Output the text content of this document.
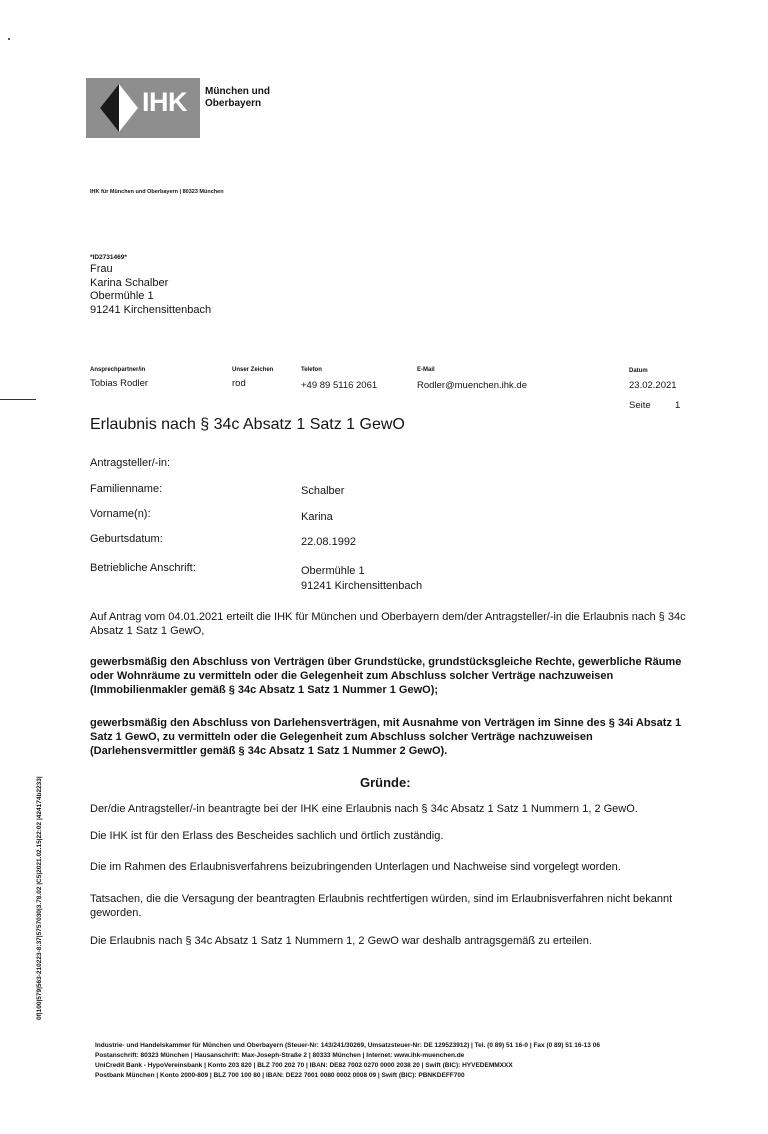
IHK München und
Oberbayern
IHK für München und Oberbayern | 80323 München
*ID2731469*
Frau
Karina Schalber
Obermühle 1
91241 Kirchensittenbach
Ansprechpartner/in
Tobias Rodler
Unser Zeichen
rod
Telefon
+49 89 5116 2061
E-Mail
Rodler@muenchen.ihk.de
Datum
23.02.2021
Seite	1
Erlaubnis nach § 34c Absatz 1 Satz 1 GewO
Antragsteller/-in:
Familienname:	Schalber
Vorname(n):	Karina
Geburtsdatum:	22.08.1992
Betriebliche Anschrift:	Obermühle 1
91241 Kirchensittenbach
Auf Antrag vom 04.01.2021 erteilt die IHK für München und Oberbayern dem/der Antragsteller/-in die Erlaubnis nach § 34c Absatz 1 Satz 1 GewO,
gewerbsmäßig den Abschluss von Verträgen über Grundstücke, grundstücksgleiche Rechte, gewerbliche Räume oder Wohnräume zu vermitteln oder die Gelegenheit zum Abschluss solcher Verträge nachzuweisen (Immobilienmakler gemäß § 34c Absatz 1 Satz 1 Nummer 1 GewO);
gewerbsmäßig den Abschluss von Darlehensverträgen, mit Ausnahme von Verträgen im Sinne des § 34i Absatz 1 Satz 1 GewO, zu vermitteln oder die Gelegenheit zum Abschluss solcher Verträge nachzuweisen (Darlehensvermittler gemäß § 34c Absatz 1 Satz 1 Nummer 2 GewO).
Gründe:
Der/die Antragsteller/-in beantragte bei der IHK eine Erlaubnis nach § 34c Absatz 1 Satz 1 Nummern 1, 2 GewO.
Die IHK ist für den Erlass des Bescheides sachlich und örtlich zuständig.
Die im Rahmen des Erlaubnisverfahrens beizubringenden Unterlagen und Nachweise sind vorgelegt worden.
Tatsachen, die die Versagung der beantragten Erlaubnis rechtfertigen würden, sind im Erlaubnisverfahren nicht bekannt geworden.
Die Erlaubnis nach § 34c Absatz 1 Satz 1 Nummern 1, 2 GewO war deshalb antragsgemäß zu erteilen.
0f|100|579|563-210223-8:37|5757030|3.78.02 |C5|2021.02.15|22:02 |424174b2233|
Industrie- und Handelskammer für München und Oberbayern (Steuer-Nr: 143/241/30269, Umsatzsteuer-Nr: DE 129523912) | Tel. (0 89) 51 16-0 | Fax (0 89) 51 16-13 06
Postanschrift: 80323 München | Hausanschrift: Max-Joseph-Straße 2 | 80333 München | Internet: www.ihk-muenchen.de
UniCredit Bank - HypoVereinsbank | Konto 203 820 | BLZ 700 202 70 | IBAN: DE82 7002 0270 0000 2038 20 | Swift (BIC): HYVEDEMMXXX
Postbank München | Konto 2000-809 | BLZ 700 100 80 | IBAN: DE22 7001 0080 0002 0008 09 | Swift (BIC): PBNKDEFF700
